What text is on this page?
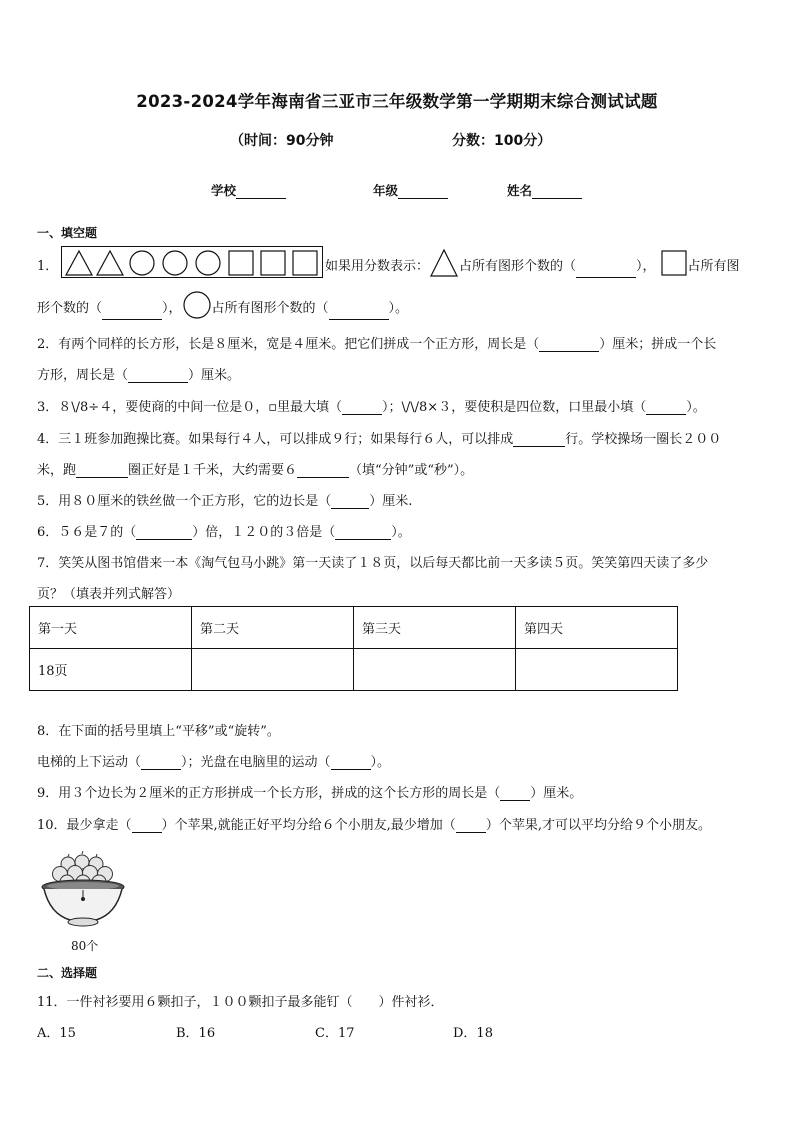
2023-2024学年海南省三亚市三年级数学第一学期期末综合测试试题
（时间：90分钟	分数：100分）
学校	年级	姓名
一、填空题
1．	如果用分数表示： 占所有图形个数的（	）， 占所有图
形个数的（	）， 占所有图形个数的（	）。
2．有两个同样的长方形，长是８厘米，宽是４厘米。把它们拼成一个正方形，周长是（	）厘米；拼成一个长
方形，周长是（	）厘米。
3．８\/8÷４，要使商的中间一位是０，▫里最大填（	）；\/\/8×３，要使积是四位数，口里最小填（	）。
4．三１班参加跑操比赛。如果每行４人，可以排成９行；如果每行６人，可以排成	行。学校操场一圈长２００
米，跑	圈正好是１千米，大约需要６	（填“分钟”或“秒”）。
5．用８０厘米的铁丝做一个正方形，它的边长是（	）厘米.
6．５６是７的（	）倍，１２０的３倍是（	）。
7．笑笑从图书馆借来一本《淘气包马小跳》第一天读了１８页，以后每天都比前一天多读５页。笑笑第四天读了多少
页？（填表并列式解答）
第一天	第二天	第三天	第四天
18页			
8．在下面的括号里填上“平移”或“旋转”。
电梯的上下运动（	）；光盘在电脑里的运动（	）。
9．用３个边长为２厘米的正方形拼成一个长方形，拼成的这个长方形的周长是（ ）厘米。
10．最少拿走（ ）个苹果,就能正好平均分给６个小朋友,最少增加（ ）个苹果,才可以平均分给９个小朋友。
80个
二、选择题
11．一件衬衫要用６颗扣子，１００颗扣子最多能钉（　　）件衬衫．
A．15	B．16	C．17	D．18
